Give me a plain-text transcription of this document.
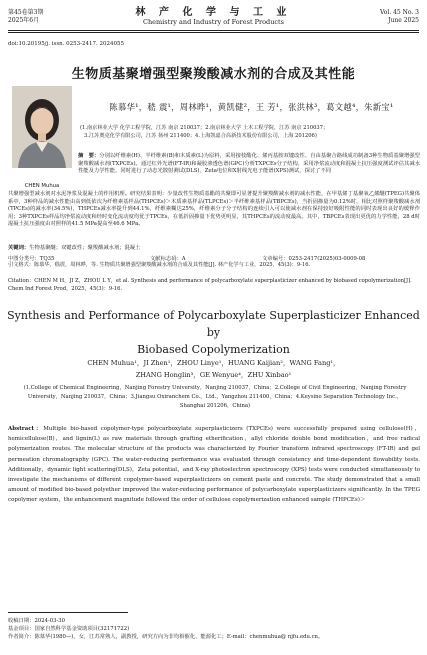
第45卷第3期
2025年6月
林 产 化 学 与 工 业
Chemistry and Industry of Forest Products
Vol. 45 No. 3
June 2025
doi:10.20195/j. issn. 0253-2417. 2024055
生物质基聚增强型聚羧酸减水剂的合成及其性能
CHEN Muhua
陈慕华¹，嵇 震¹，周林晔¹，黄凯健²，王 芳¹，张洪林³，葛文越⁴，朱新宝¹
(1.南京林业大学 化学工程学院，江苏 南京 210037；2.南京林业大学 土木工程学院，江苏 南京 210037；
3.江苏奥克化学有限公司，江苏 扬州 211400；4.上海凯嘉合高新技术股份有限公司，上海 201206)
摘　要：分别以纤维素(H)、半纤维素(B)和木质素(L)为原料，采用接枝酯化、烯丙基胺双键改性、自由基聚合路线成功制备3种生物质基聚增强型聚羧酸减水剂(TXPCEs)。通过红外光谱(FT-IR)和凝胶渗透色谱(GPC)分析TXPCEs分子结构，采用净浆流动度和混凝土抗压强度测试评估其减水性能及力学性能，同时进行了动态光散射测试(DLS)、Zeta电位和X射线光电子能谱(XPS)测试，探讨了不同
共聚增强型减水剂对水泥净浆及混凝土的作用机理。研究结果表明：少量改性生物质基酯的共聚即可显著提升聚羧酸减水剂的减水性能，在甲基烯丁基聚氧乙烯醚(TPEG)共聚体系中，3种样品的减水性能由高到低依次为纤维素基样品(THPCEs)＞木质素基样品(TLPCEs)＞半纤维素基样品(TBPCEs)，当折固掺量为0.12%时，相比对照样聚羧酸减水剂(TPCEs)的减水率(34.5%)，THPCEs减水率提升到44.1%，纤维素糊达25%，纤维素分子分子结构的连续引入可以使减水剂在保持较好吸附性能的同时表现出良好的缓释作用；3种TXPCEs样品均净浆流动度和经时变化流动度均优于TPCEs，在低折固掺量下优势更明显，其THPCEs的流动度最高。其中，TBPCEs表现出更优的力学性能，28 d时混凝土抗压强度由对照样的41.5 MPa提高至46.6 MPa。
关键词：生物基聚醚；双键改性；聚羧酸减水剂；混凝土
中图分类号：TQ35	文献标志码：A	文章编号：0253-2417(2025)03-0009-08
引文格式：陈慕华，嵇震，周林晔，等. 生物质共聚增强型聚羧酸减水剂的合成及其性能[J]. 林产化学与工业，2025，45(3)：9-16.
Citation：CHEN M H，JI Z，ZHOU L Y，et al. Synthesis and performance of polycarboxylate superplasticizer enhanced by biobased copolymerization[J]. Chem Ind Forest Prod，2025，45(3)：9-16.
Synthesis and Performance of Polycarboxylate Superplasticizer Enhanced by
Biobased Copolymerization
CHEN Muhua¹，JI Zhen¹，ZHOU Linye¹，HUANG Kaijian²，WANG Fang¹，
ZHANG Honglin³，GE Wenyue⁴，ZHU Xinbao¹
(1.College of Chemical Engineering，Nanjing Forestry University，Nanjing 210037，China；2.College of Civil Engineering，Nanjing Forestry University，Nanjing 210037，China；3.Jiangsu Oxiranchem Co.，Ltd.，Yangzhou 211400，China；4.Keysino Separation Technology Inc.，Shanghai 201206，China)
Abstract：Multiple bio-based copolymer-type polycarboxylate superplasticizers (TXPCEs) were successfully prepared using cellulose(H)，hemicellulose(B)，and lignin(L) as raw materials through grafting etherification，allyl chloride double bond modification，and free radical polymerization routes. The molecular structure of the products was characterized by Fourier transform infrared spectroscopy (FT-IR) and gel permeation chromatography (GPC). The water-reducing performance was evaluated through consistency and time-dependent flowability tests. Additionally，dynamic light scattering(DLS)，Zeta potential，and X-ray photoelectron spectroscopy (XPS) tests were conducted simultaneously to investigate the mechanisms of different copolymer-based superplasticizers on cement paste and concrete. The study demonstrated that a small amount of modified bio-based polyether improved the water-reducing performance of polycarboxylate superplasticizers significantly. In the TPEG copolymer system，the enhancement magnitude followed the order of cellulose copolymerization enhanced sample (THPCEs)＞
收稿日期：2024-03-30
基金项目：国家自然科学基金资助项目(32171722)
作者简介：陈慕华(1980—)，女，江苏常熟人，副教授，研究方向为非均相催化、能源化工；E-mail：chenmuhua@ njfu.edu.cn。
